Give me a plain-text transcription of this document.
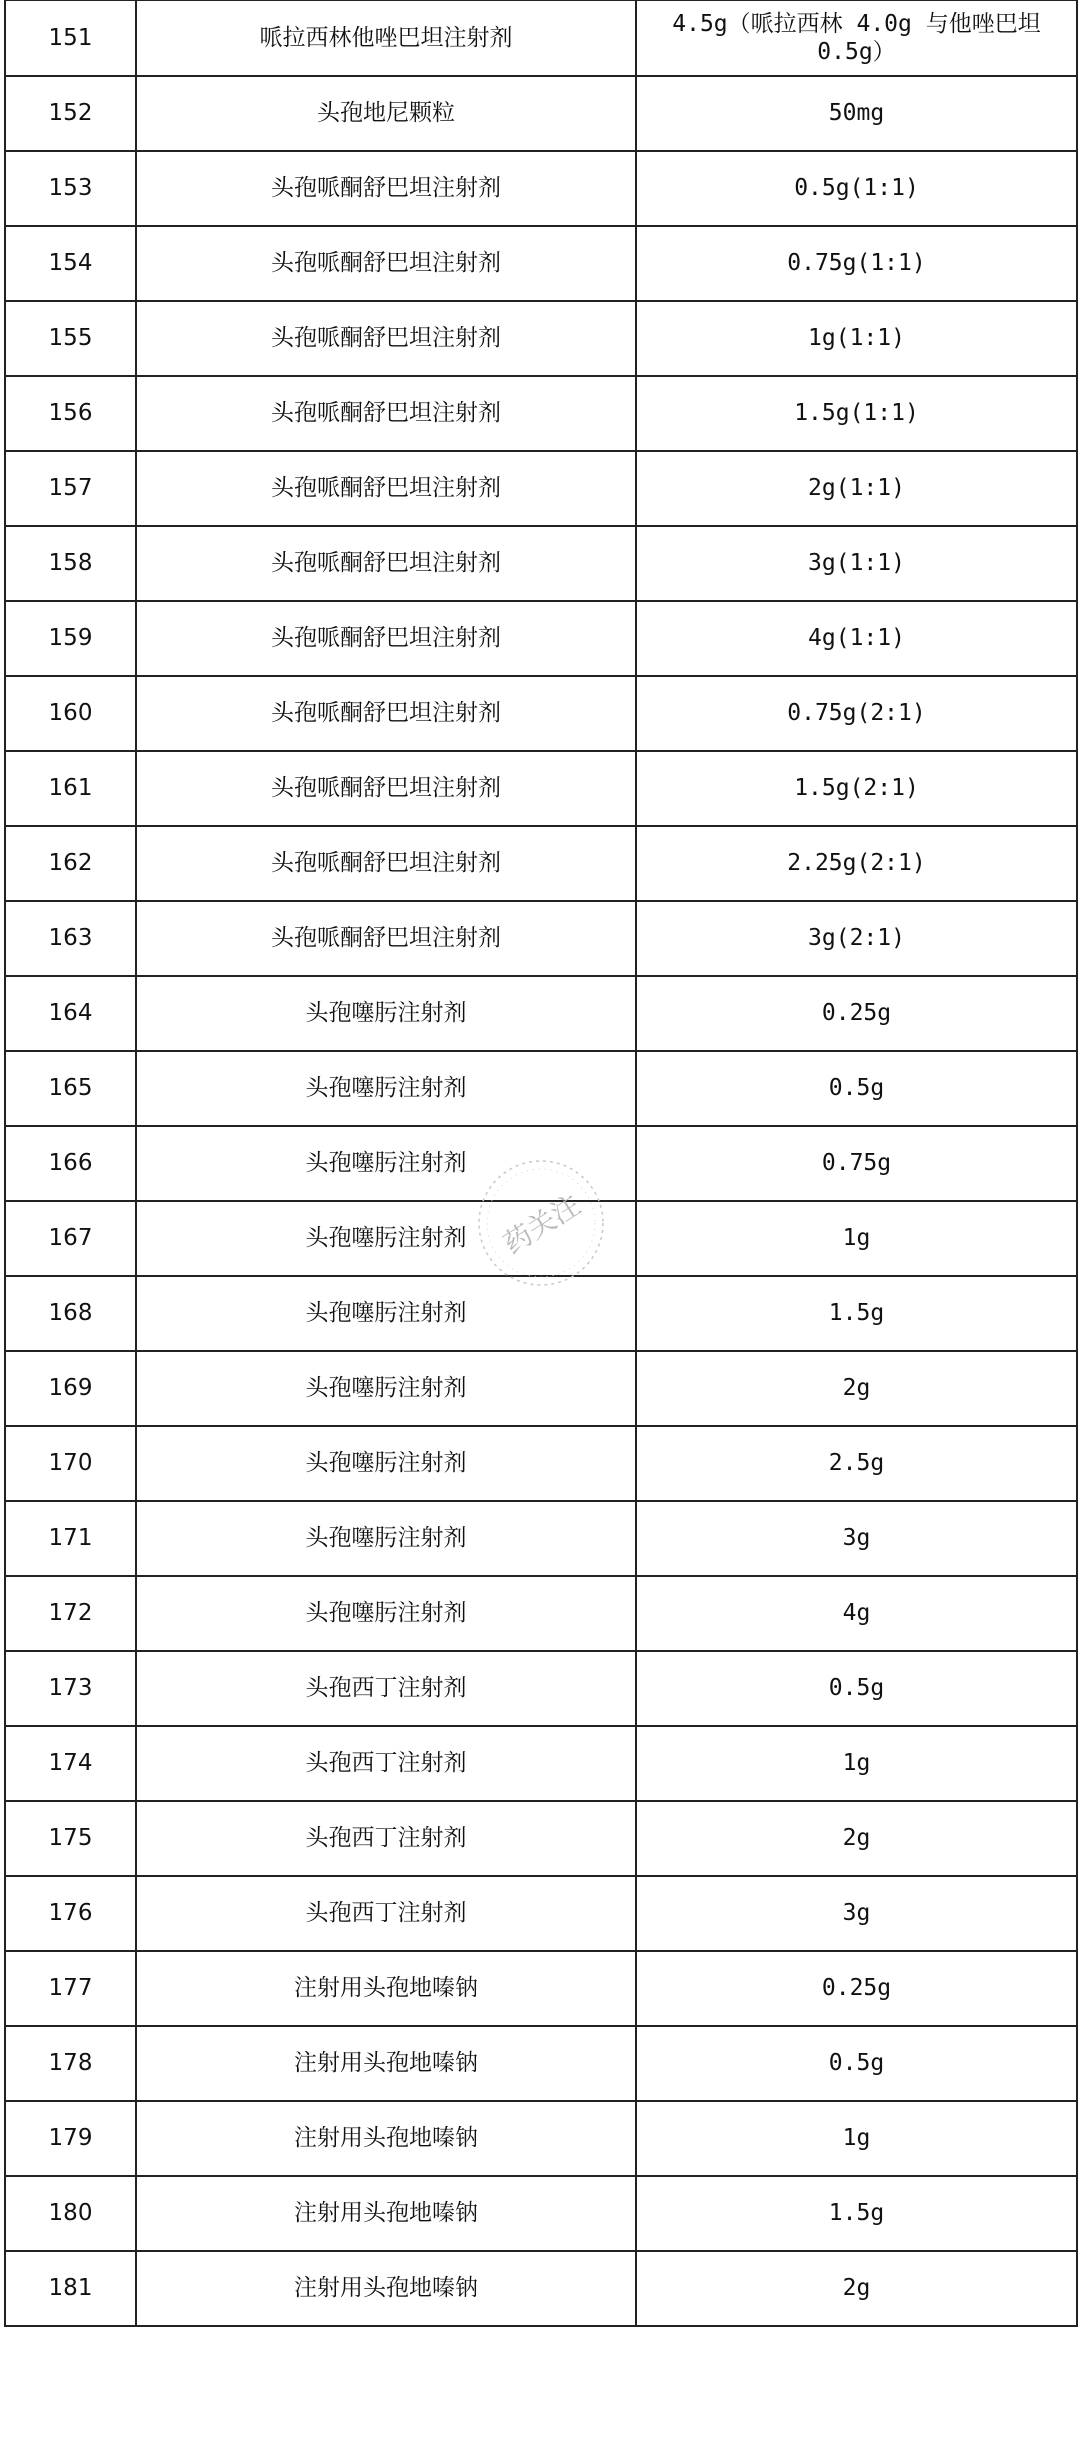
151	哌拉西林他唑巴坦注射剂	4.5g（哌拉西林 4.0g 与他唑巴坦 0.5g）
152	头孢地尼颗粒	50mg
153	头孢哌酮舒巴坦注射剂	0.5g(1:1)
154	头孢哌酮舒巴坦注射剂	0.75g(1:1)
155	头孢哌酮舒巴坦注射剂	1g(1:1)
156	头孢哌酮舒巴坦注射剂	1.5g(1:1)
157	头孢哌酮舒巴坦注射剂	2g(1:1)
158	头孢哌酮舒巴坦注射剂	3g(1:1)
159	头孢哌酮舒巴坦注射剂	4g(1:1)
160	头孢哌酮舒巴坦注射剂	0.75g(2:1)
161	头孢哌酮舒巴坦注射剂	1.5g(2:1)
162	头孢哌酮舒巴坦注射剂	2.25g(2:1)
163	头孢哌酮舒巴坦注射剂	3g(2:1)
164	头孢噻肟注射剂	0.25g
165	头孢噻肟注射剂	0.5g
166	头孢噻肟注射剂	0.75g
167	头孢噻肟注射剂	1g
168	头孢噻肟注射剂	1.5g
169	头孢噻肟注射剂	2g
170	头孢噻肟注射剂	2.5g
171	头孢噻肟注射剂	3g
172	头孢噻肟注射剂	4g
173	头孢西丁注射剂	0.5g
174	头孢西丁注射剂	1g
175	头孢西丁注射剂	2g
176	头孢西丁注射剂	3g
177	注射用头孢地嗪钠	0.25g
178	注射用头孢地嗪钠	0.5g
179	注射用头孢地嗪钠	1g
180	注射用头孢地嗪钠	1.5g
181	注射用头孢地嗪钠	2g
药关注
